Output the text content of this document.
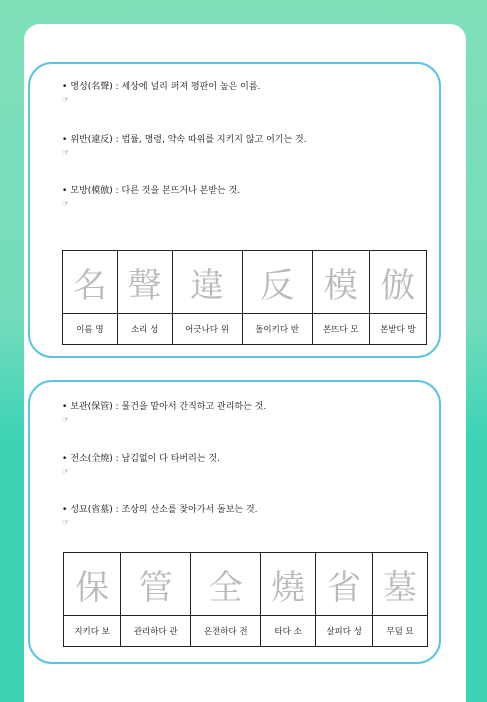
• 명성(名聲) : 세상에 널리 퍼져 평판이 높은 이름.
☞
• 위반(違反) : 법률, 명령, 약속 따위를 지키지 않고 어기는 것.
☞
• 모방(模倣) : 다른 것을 본뜨거나 본받는 것.
☞
名	聲	違	反	模	倣
이름 명	소리 성	어긋나다 위	돌이키다 반	본뜨다 모	본받다 방
• 보관(保管) : 물건을 맡아서 간직하고 관리하는 것.
☞
• 전소(全燒) : 남김없이 다 타버리는 것.
☞
• 성묘(省墓) : 조상의 산소를 찾아가서 돌보는 것.
☞
保	管	全	燒	省	墓
지키다 보	관리하다 관	온전하다 전	타다 소	살피다 성	무덤 묘
